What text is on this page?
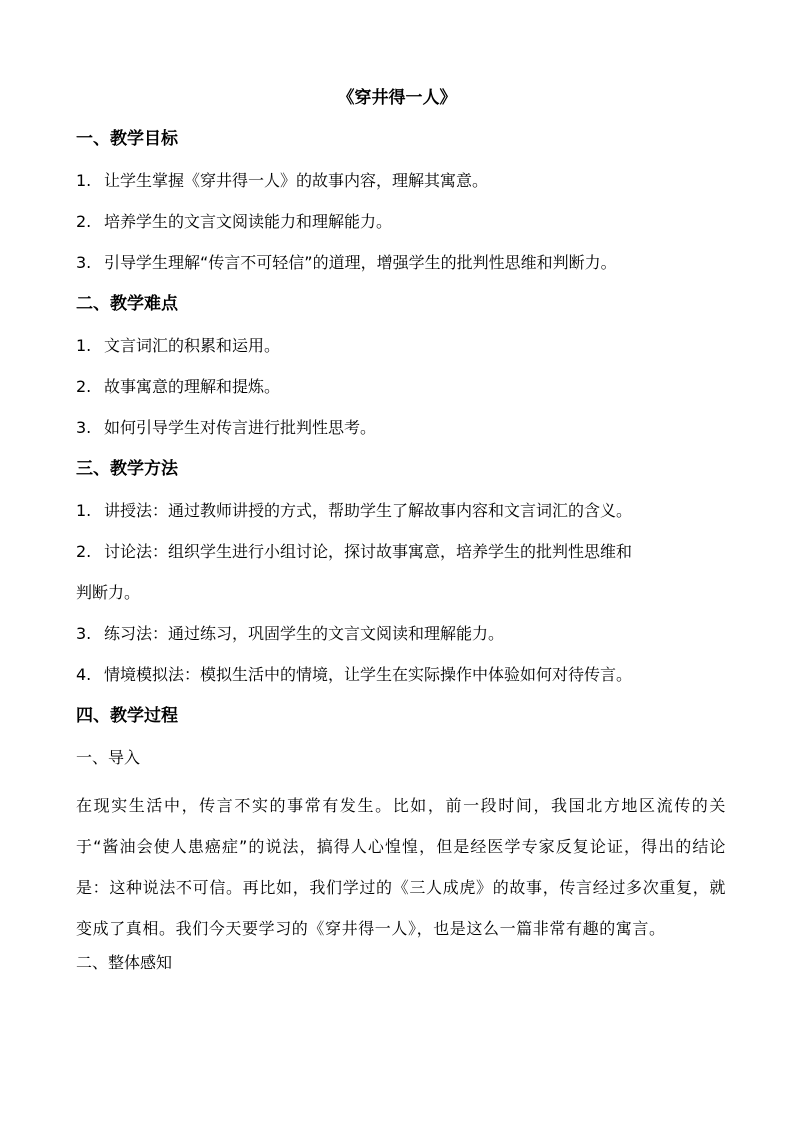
《穿井得一人》
一、教学目标
1. 让学生掌握《穿井得一人》的故事内容，理解其寓意。
2. 培养学生的文言文阅读能力和理解能力。
3. 引导学生理解“传言不可轻信”的道理，增强学生的批判性思维和判断力。
二、教学难点
1. 文言词汇的积累和运用。
2. 故事寓意的理解和提炼。
3. 如何引导学生对传言进行批判性思考。
三、教学方法
1. 讲授法：通过教师讲授的方式，帮助学生了解故事内容和文言词汇的含义。
2. 讨论法：组织学生进行小组讨论，探讨故事寓意，培养学生的批判性思维和
判断力。
3. 练习法：通过练习，巩固学生的文言文阅读和理解能力。
4. 情境模拟法：模拟生活中的情境，让学生在实际操作中体验如何对待传言。
四、教学过程
一、导入
在现实生活中，传言不实的事常有发生。比如，前一段时间，我国北方地区流传的关于“酱油会使人患癌症”的说法，搞得人心惶惶，但是经医学专家反复论证，得出的结论是：这种说法不可信。再比如，我们学过的《三人成虎》的故事，传言经过多次重复，就变成了真相。我们今天要学习的《穿井得一人》，也是这么一篇非常有趣的寓言。
二、整体感知
